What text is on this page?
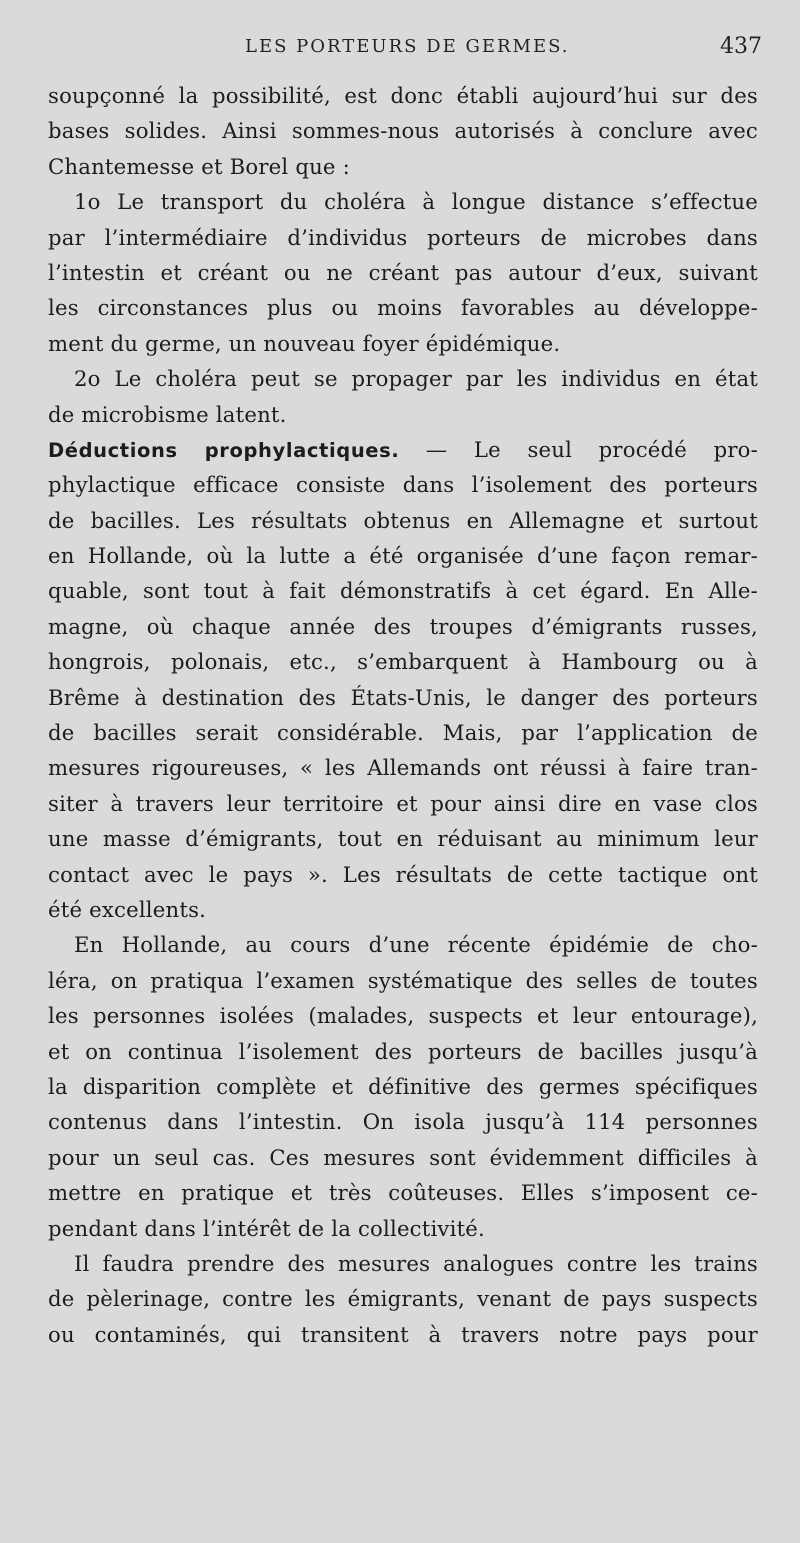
LES PORTEURS DE GERMES.	437
soupçonné la possibilité, est donc établi aujourd’hui sur des
bases solides. Ainsi sommes-nous autorisés à conclure avec
Chantemesse et Borel que :
1o Le transport du choléra à longue distance s’effectue
par l’intermédiaire d’individus porteurs de microbes dans
l’intestin et créant ou ne créant pas autour d’eux, suivant
les circonstances plus ou moins favorables au développe-
ment du germe, un nouveau foyer épidémique.
2o Le choléra peut se propager par les individus en état
de microbisme latent.
Déductions prophylactiques. — Le seul procédé pro-
phylactique efficace consiste dans l’isolement des porteurs
de bacilles. Les résultats obtenus en Allemagne et surtout
en Hollande, où la lutte a été organisée d’une façon remar-
quable, sont tout à fait démonstratifs à cet égard. En Alle-
magne, où chaque année des troupes d’émigrants russes,
hongrois, polonais, etc., s’embarquent à Hambourg ou à
Brême à destination des États-Unis, le danger des porteurs
de bacilles serait considérable. Mais, par l’application de
mesures rigoureuses, « les Allemands ont réussi à faire tran-
siter à travers leur territoire et pour ainsi dire en vase clos
une masse d’émigrants, tout en réduisant au minimum leur
contact avec le pays ». Les résultats de cette tactique ont
été excellents.
En Hollande, au cours d’une récente épidémie de cho-
léra, on pratiqua l’examen systématique des selles de toutes
les personnes isolées (malades, suspects et leur entourage),
et on continua l’isolement des porteurs de bacilles jusqu’à
la disparition complète et définitive des germes spécifiques
contenus dans l’intestin. On isola jusqu’à 114 personnes
pour un seul cas. Ces mesures sont évidemment difficiles à
mettre en pratique et très coûteuses. Elles s’imposent ce-
pendant dans l’intérêt de la collectivité.
Il faudra prendre des mesures analogues contre les trains
de pèlerinage, contre les émigrants, venant de pays suspects
ou contaminés, qui transitent à travers notre pays pour
